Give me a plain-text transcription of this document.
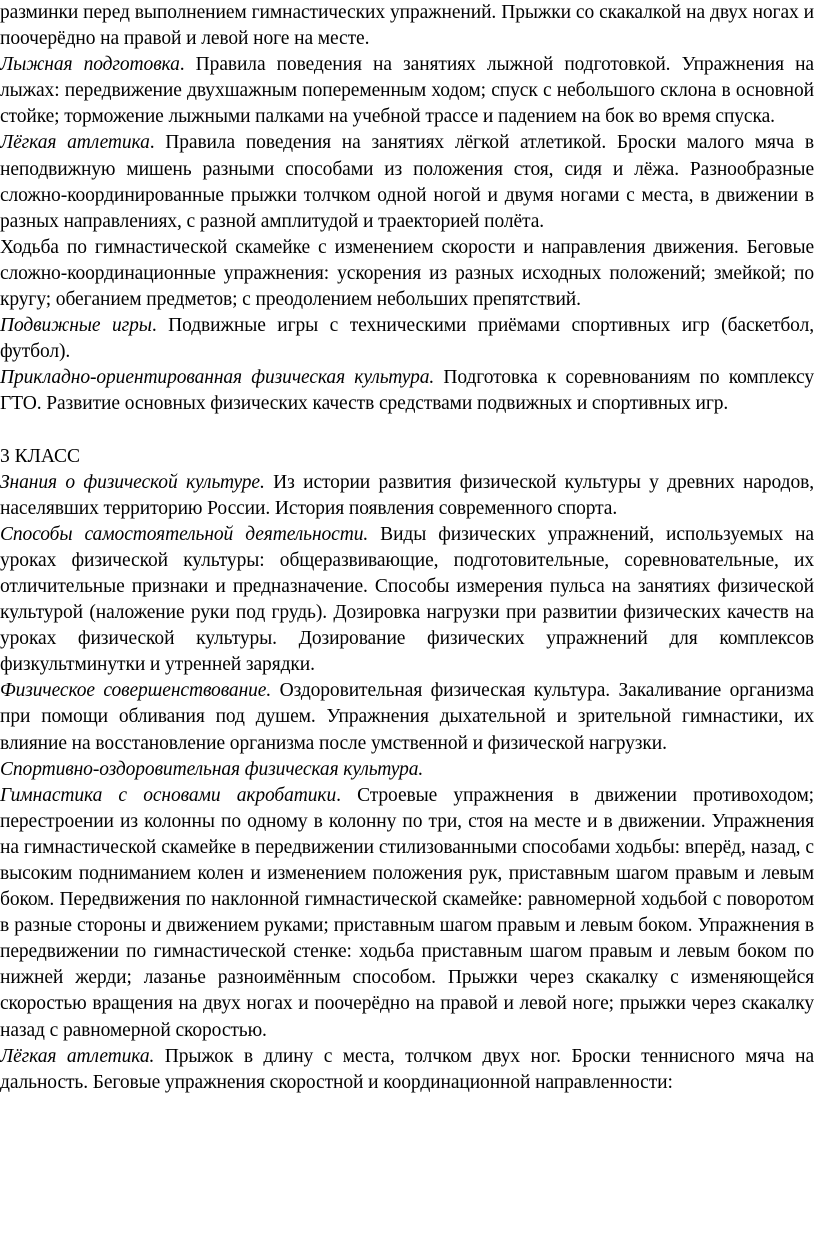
разминки перед выполнением гимнастических упражнений. Прыжки со скакалкой на двух ногах и поочерёдно на правой и левой ноге на месте.

Лыжная подготовка. Правила поведения на занятиях лыжной подготовкой. Упражнения на лыжах: передвижение двухшажным попеременным ходом; спуск с небольшого склона в основной стойке; торможение лыжными палками на учебной трассе и падением на бок во время спуска.

Лёгкая атлетика. Правила поведения на занятиях лёгкой атлетикой. Броски малого мяча в неподвижную мишень разными способами из положения стоя, сидя и лёжа. Разнообразные сложно-координированные прыжки толчком одной ногой и двумя ногами с места, в движении в разных направлениях, с разной амплитудой и траекторией полёта.

Ходьба по гимнастической скамейке с изменением скорости и направления движения. Беговые сложно-координационные упражнения: ускорения из разных исходных положений; змейкой; по кругу; обеганием предметов; с преодолением небольших препятствий.

Подвижные игры. Подвижные игры с техническими приёмами спортивных игр (баскетбол, футбол).

Прикладно-ориентированная физическая культура. Подготовка к соревнованиям по комплексу ГТО. Развитие основных физических качеств средствами подвижных и спортивных игр.

3 КЛАСС

Знания о физической культуре. Из истории развития физической культуры у древних народов, населявших территорию России. История появления современного спорта.

Способы самостоятельной деятельности. Виды физических упражнений, используемых на уроках физической культуры: общеразвивающие, подготовительные, соревновательные, их отличительные признаки и предназначение. Способы измерения пульса на занятиях физической культурой (наложение руки под грудь). Дозировка нагрузки при развитии физических качеств на уроках физической культуры. Дозирование физических упражнений для комплексов физкультминутки и утренней зарядки.

Физическое совершенствование. Оздоровительная физическая культура. Закаливание организма при помощи обливания под душем. Упражнения дыхательной и зрительной гимнастики, их влияние на восстановление организма после умственной и физической нагрузки.

Спортивно-оздоровительная физическая культура.

Гимнастика с основами акробатики. Строевые упражнения в движении противоходом; перестроении из колонны по одному в колонну по три, стоя на месте и в движении. Упражнения на гимнастической скамейке в передвижении стилизованными способами ходьбы: вперёд, назад, с высоким подниманием колен и изменением положения рук, приставным шагом правым и левым боком. Передвижения по наклонной гимнастической скамейке: равномерной ходьбой с поворотом в разные стороны и движением руками; приставным шагом правым и левым боком. Упражнения в передвижении по гимнастической стенке: ходьба приставным шагом правым и левым боком по нижней жерди; лазанье разноимённым способом. Прыжки через скакалку с изменяющейся скоростью вращения на двух ногах и поочерёдно на правой и левой ноге; прыжки через скакалку назад с равномерной скоростью.

Лёгкая атлетика. Прыжок в длину с места, толчком двух ног. Броски теннисного мяча на дальность. Беговые упражнения скоростной и координационной направленности:
